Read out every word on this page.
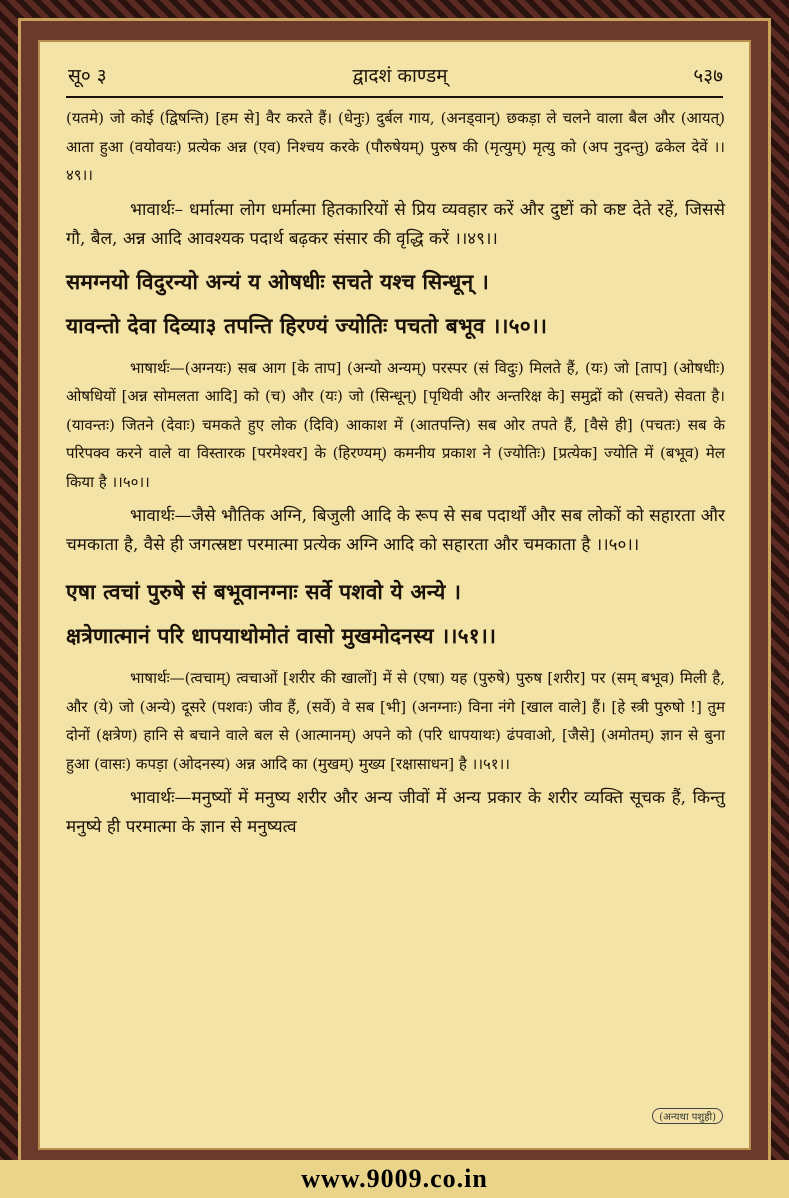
सू० ३	द्वादशं काण्डम्	५३७

(यतमे) जो कोई (द्विषन्ति) [हम से] वैर करते हैं। (धेनुः) दुर्बल गाय, (अनड्वान्) छकड़ा ले चलने वाला बैल और (आयत्) आता हुआ (वयोवयः) प्रत्येक अन्न (एव) निश्चय करके (पौरुषेयम्) पुरुष की (मृत्युम्) मृत्यु को (अप नुदन्तु) ढकेल देवें ।।४९।।

भावार्थः– धर्मात्मा लोग धर्मात्मा हितकारियों से प्रिय व्यवहार करें और दुष्टों को कष्ट देते रहें, जिससे गौ, बैल, अन्न आदि आवश्यक पदार्थ बढ़कर संसार की वृद्धि करें ।।४९।।

समग्नयो विदुरन्यो अन्यं य ओषधीः सचते यश्च सिन्धून् ।

यावन्तो देवा दिव्या३ तपन्ति हिरण्यं ज्योतिः पचतो बभूव ।।५०।।

भाषार्थः—(अग्नयः) सब आग [के ताप] (अन्यो अन्यम्) परस्पर (सं विदुः) मिलते हैं, (यः) जो [ताप] (ओषधीः) ओषधियों [अन्न सोमलता आदि] को (च) और (यः) जो (सिन्धून्) [पृथिवी और अन्तरिक्ष के] समुद्रों को (सचते) सेवता है। (यावन्तः) जितने (देवाः) चमकते हुए लोक (दिवि) आकाश में (आतपन्ति) सब ओर तपते हैं, [वैसे ही] (पचतः) सब के परिपक्व करने वाले वा विस्तारक [परमेश्वर] के (हिरण्यम्) कमनीय प्रकाश ने (ज्योतिः) [प्रत्येक] ज्योति में (बभूव) मेल किया है ।।५०।।

भावार्थः—जैसे भौतिक अग्नि, बिजुली आदि के रूप से सब पदार्थों और सब लोकों को सहारता और चमकाता है, वैसे ही जगत्स्रष्टा परमात्मा प्रत्येक अग्नि आदि को सहारता और चमकाता है ।।५०।।

एषा त्वचां पुरुषे सं बभूवानग्नाः सर्वे पशवो ये अन्ये ।

क्षत्रेणात्मानं परि धापयाथोमोतं वासो मुखमोदनस्य ।।५१।।

भाषार्थः—(त्वचाम्) त्वचाओं [शरीर की खालों] में से (एषा) यह (पुरुषे) पुरुष [शरीर] पर (सम् बभूव) मिली है, और (ये) जो (अन्ये) दूसरे (पशवः) जीव हैं, (सर्वे) वे सब [भी] (अनग्नाः) विना नंगे [खाल वाले] हैं। [हे स्त्री पुरुषो !] तुम दोनों (क्षत्रेण) हानि से बचाने वाले बल से (आत्मानम्) अपने को (परि धापयाथः) ढंपवाओ, [जैसे] (अमोतम्) ज्ञान से बुना हुआ (वासः) कपड़ा (ओदनस्य) अन्न आदि का (मुखम्) मुख्य [रक्षासाधन] है ।।५१।।

भावार्थः—मनुष्यों में मनुष्य शरीर और अन्य जीवों में अन्य प्रकार के शरीर व्यक्ति सूचक हैं, किन्तु मनुष्ये ही परमात्मा के ज्ञान से मनुष्यत्व

(अन्यथा पशुही)
www.9009.co.in
